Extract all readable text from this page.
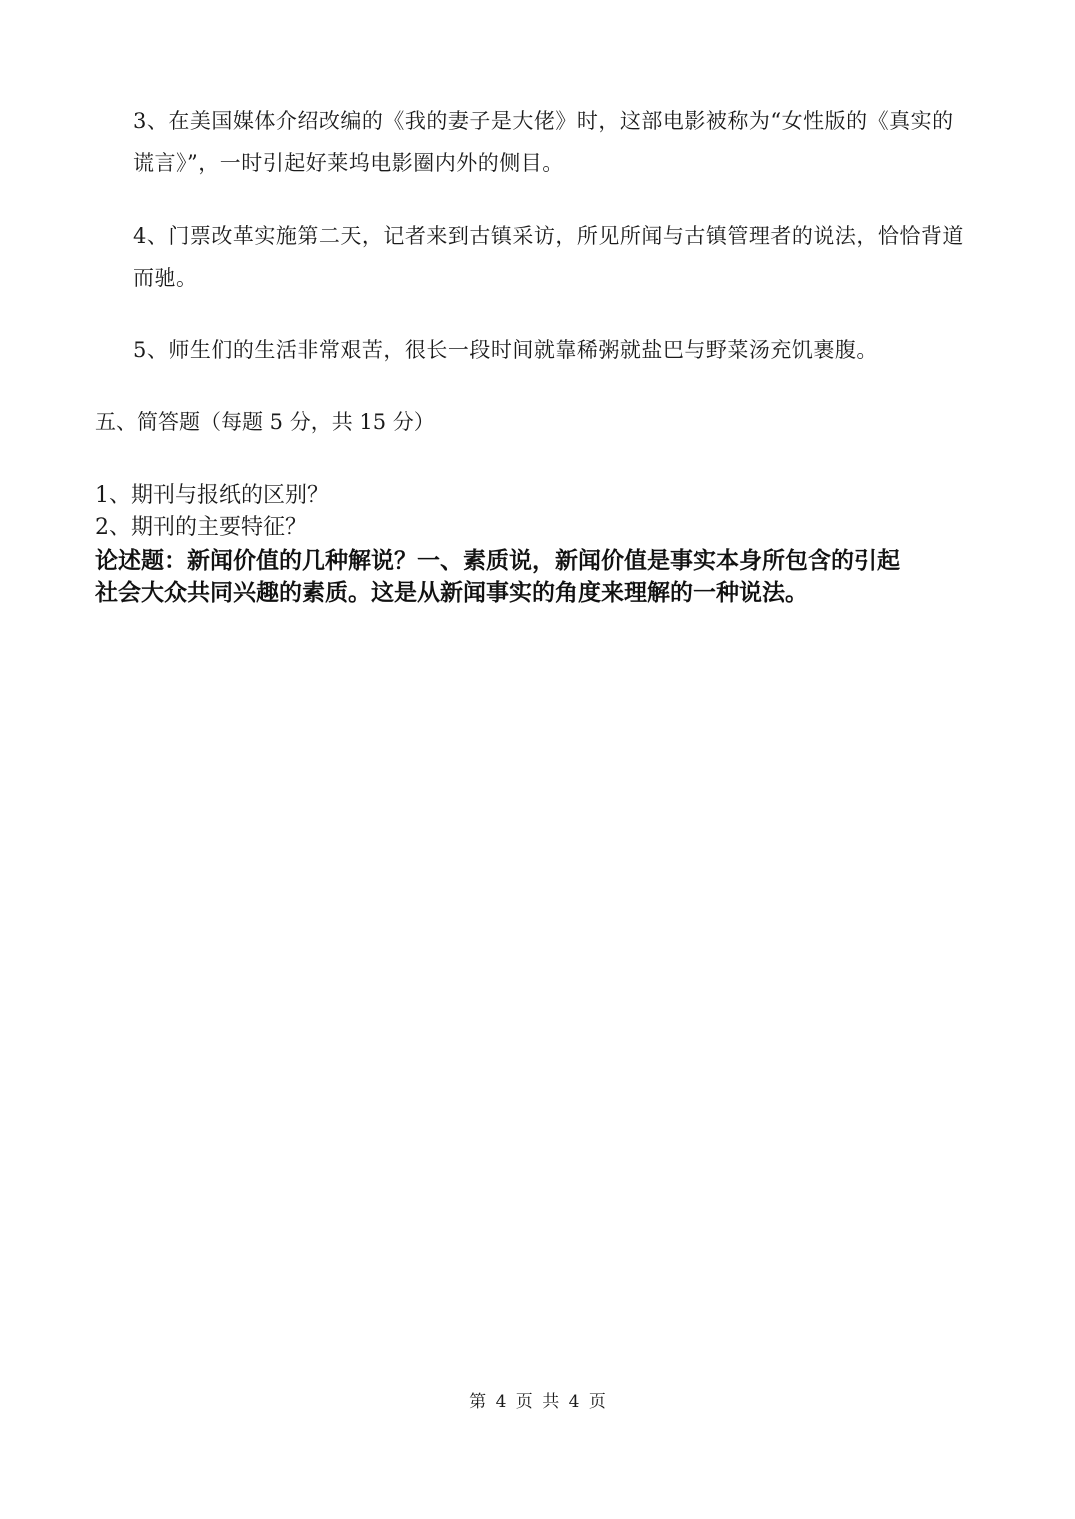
3、在美国媒体介绍改编的《我的妻子是大佬》时，这部电影被称为“女性版的《真实的
谎言》”，一时引起好莱坞电影圈内外的侧目。
4、门票改革实施第二天，记者来到古镇采访，所见所闻与古镇管理者的说法，恰恰背道
而驰。
5、师生们的生活非常艰苦，很长一段时间就靠稀粥就盐巴与野菜汤充饥裹腹。
五、简答题（每题 5 分，共 15 分）
1、期刊与报纸的区别？
2、期刊的主要特征？
论述题：新闻价值的几种解说？一、素质说，新闻价值是事实本身所包含的引起
社会大众共同兴趣的素质。这是从新闻事实的角度来理解的一种说法。
第 4 页 共 4 页
